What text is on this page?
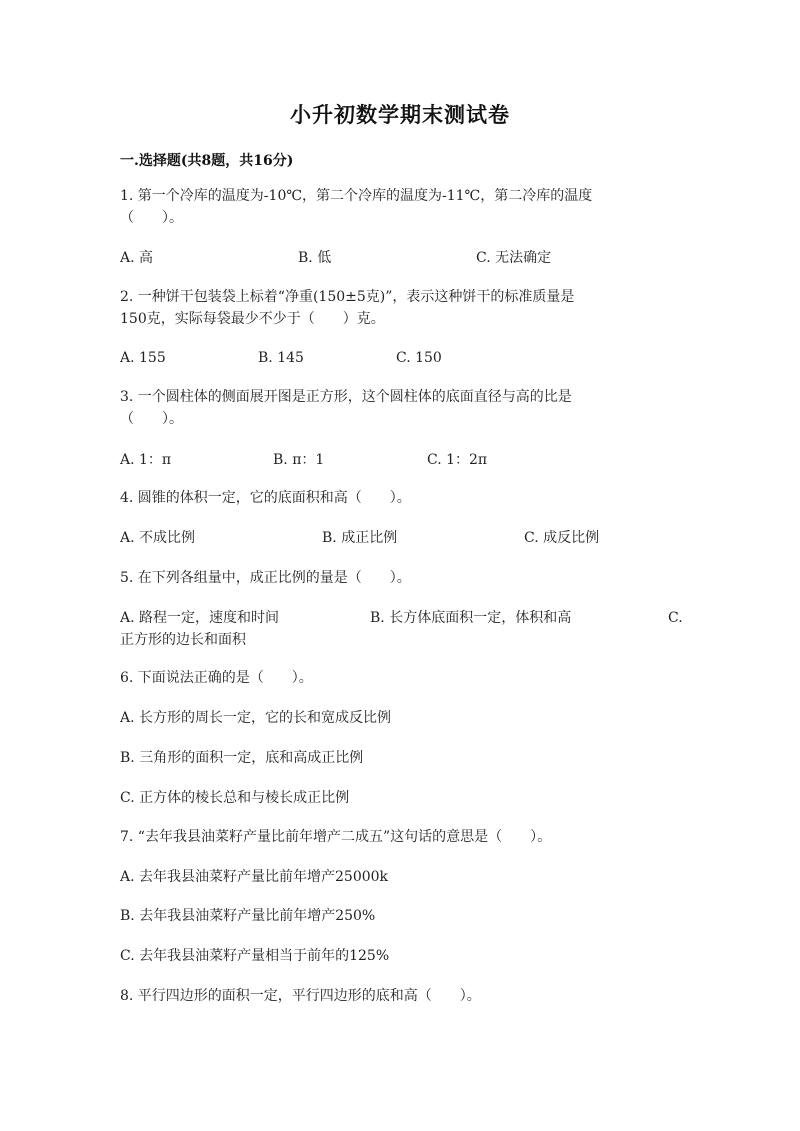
小升初数学期末测试卷
一.选择题(共8题，共16分)
1. 第一个冷库的温度为-10℃，第二个冷库的温度为-11℃，第二冷库的温度
（　　）。
A. 高	B. 低	C. 无法确定
2. 一种饼干包装袋上标着“净重(150±5克)”，表示这种饼干的标准质量是
150克，实际每袋最少不少于（　　）克。
A. 155	B. 145	C. 150
3. 一个圆柱体的侧面展开图是正方形，这个圆柱体的底面直径与高的比是
（　　）。
A. 1：π	B. π：1	C. 1：2π
4. 圆锥的体积一定，它的底面积和高（　　）。
A. 不成比例	B. 成正比例	C. 成反比例
5. 在下列各组量中，成正比例的量是（　　）。
A. 路程一定，速度和时间	B. 长方体底面积一定，体积和高	C.
正方形的边长和面积
6. 下面说法正确的是（　　）。
A. 长方形的周长一定，它的长和宽成反比例
B. 三角形的面积一定，底和高成正比例
C. 正方体的棱长总和与棱长成正比例
7. “去年我县油菜籽产量比前年增产二成五”这句话的意思是（　　）。
A. 去年我县油菜籽产量比前年增产25000k
B. 去年我县油菜籽产量比前年增产250%
C. 去年我县油菜籽产量相当于前年的125%
8. 平行四边形的面积一定，平行四边形的底和高（　　）。
